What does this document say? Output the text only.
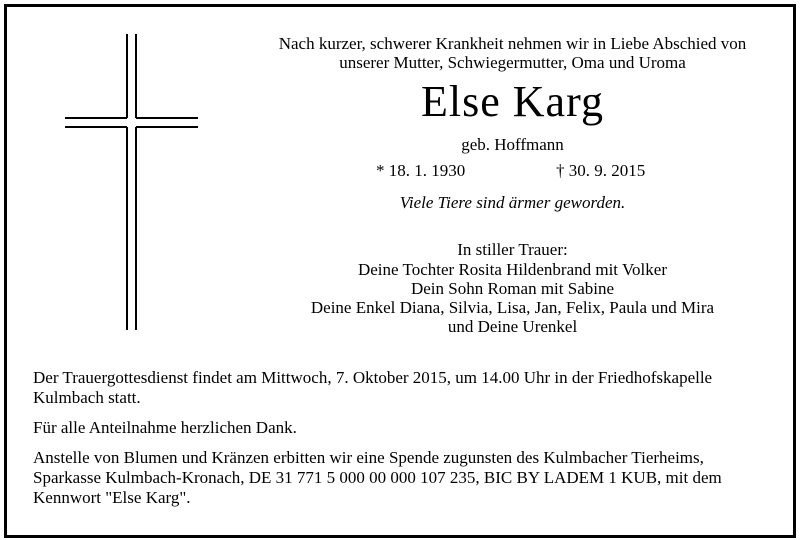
Nach kurzer, schwerer Krankheit nehmen wir in Liebe Abschied von
unserer Mutter, Schwiegermutter, Oma und Uroma
Else Karg
geb. Hoffmann
* 18. 1. 1930	† 30. 9. 2015
Viele Tiere sind ärmer geworden.
In stiller Trauer:
Deine Tochter Rosita Hildenbrand mit Volker
Dein Sohn Roman mit Sabine
Deine Enkel Diana, Silvia, Lisa, Jan, Felix, Paula und Mira
und Deine Urenkel
Der Trauergottesdienst findet am Mittwoch, 7. Oktober 2015, um 14.00 Uhr in der Friedhofskapelle
Kulmbach statt.
Für alle Anteilnahme herzlichen Dank.
Anstelle von Blumen und Kränzen erbitten wir eine Spende zugunsten des Kulmbacher Tierheims,
Sparkasse Kulmbach-Kronach, DE 31 771 5 000 00 000 107 235, BIC BY LADEM 1 KUB, mit dem
Kennwort "Else Karg".
